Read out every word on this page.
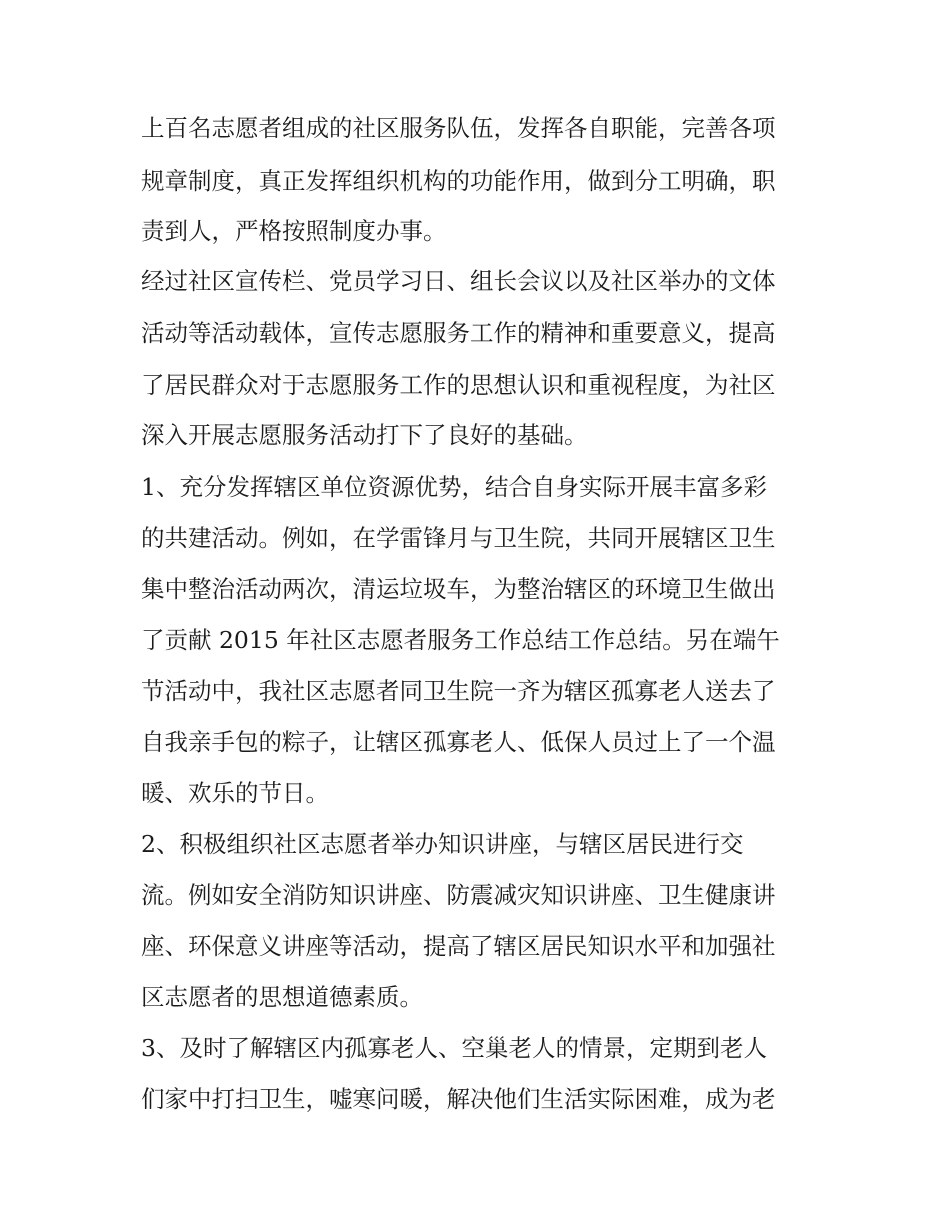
上百名志愿者组成的社区服务队伍，发挥各自职能，完善各项
规章制度，真正发挥组织机构的功能作用，做到分工明确，职
责到人，严格按照制度办事。
经过社区宣传栏、党员学习日、组长会议以及社区举办的文体
活动等活动载体，宣传志愿服务工作的精神和重要意义，提高
了居民群众对于志愿服务工作的思想认识和重视程度，为社区
深入开展志愿服务活动打下了良好的基础。
1、充分发挥辖区单位资源优势，结合自身实际开展丰富多彩
的共建活动。例如，在学雷锋月与卫生院，共同开展辖区卫生
集中整治活动两次，清运垃圾车，为整治辖区的环境卫生做出
了贡献 2015 年社区志愿者服务工作总结工作总结。另在端午
节活动中，我社区志愿者同卫生院一齐为辖区孤寡老人送去了
自我亲手包的粽子，让辖区孤寡老人、低保人员过上了一个温
暖、欢乐的节日。
2、积极组织社区志愿者举办知识讲座，与辖区居民进行交
流。例如安全消防知识讲座、防震减灾知识讲座、卫生健康讲
座、环保意义讲座等活动，提高了辖区居民知识水平和加强社
区志愿者的思想道德素质。
3、及时了解辖区内孤寡老人、空巢老人的情景，定期到老人
们家中打扫卫生，嘘寒问暖，解决他们生活实际困难，成为老
